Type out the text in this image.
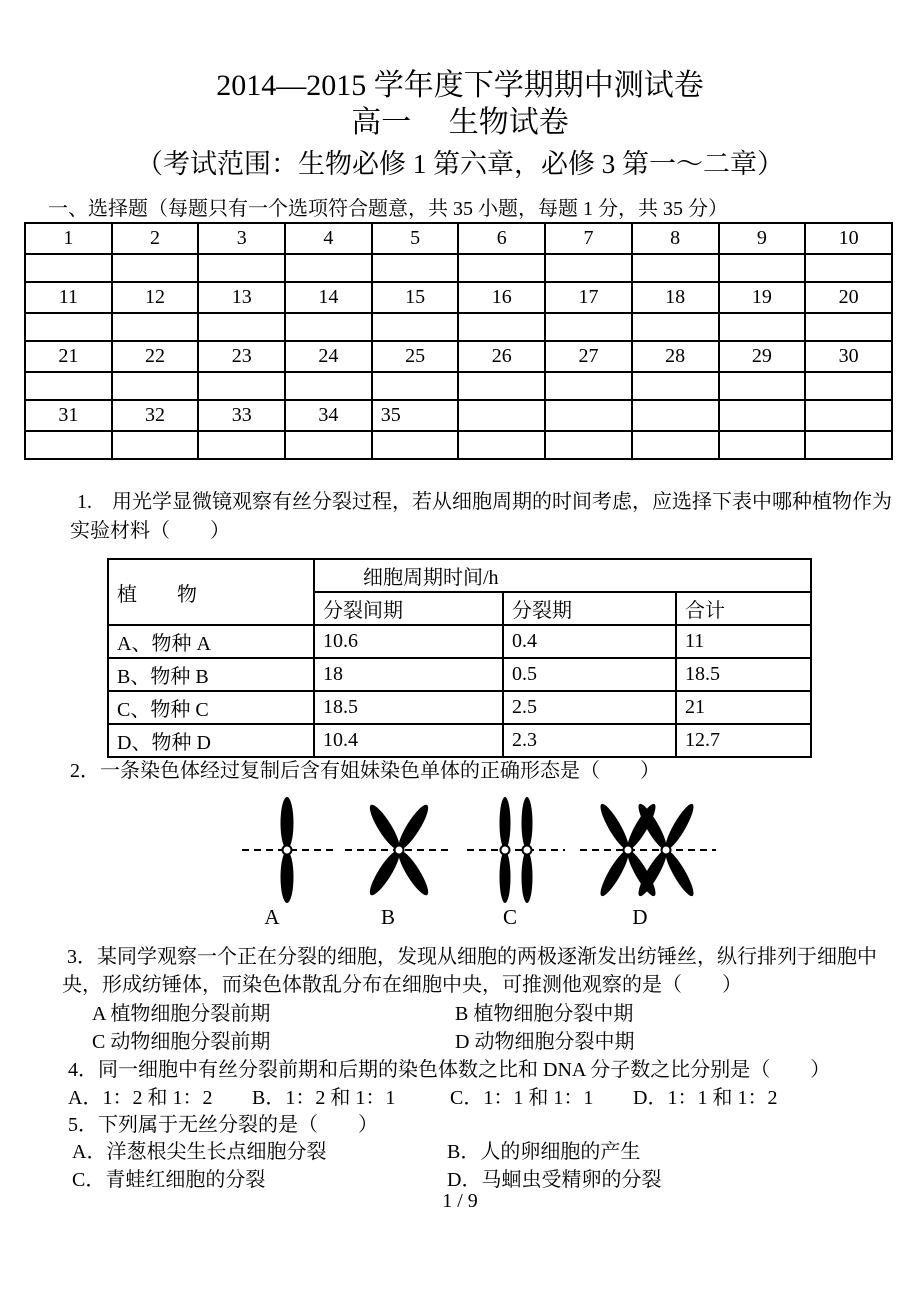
2014—2015 学年度下学期期中测试卷
高一　 生物试卷
（考试范围：生物必修 1 第六章，必修 3 第一～二章）
一、选择题（每题只有一个选项符合题意，共 35 小题，每题 1 分，共 35 分）
1	2	3	4	5	6	7	8	9	10

11	12	13	14	15	16	17	18	19	20

21	22	23	24	25	26	27	28	29	30

31	32	33	34	35					

1.　用光学显微镜观察有丝分裂过程，若从细胞周期的时间考虑，应选择下表中哪种植物作为
实验材料（　　）
植　　物	细胞周期时间/h		
	分裂间期	分裂期	合计
A、物种 A	10.6	0.4	11
B、物种 B	18	0.5	18.5
C、物种 C	18.5	2.5	21
D、物种 D	10.4	2.3	12.7
2．一条染色体经过复制后含有姐妹染色单体的正确形态是（　　）
A	B	C	D
3．某同学观察一个正在分裂的细胞，发现从细胞的两极逐渐发出纺锤丝，纵行排列于细胞中
央，形成纺锤体，而染色体散乱分布在细胞中央，可推测他观察的是（　　）
A 植物细胞分裂前期	B 植物细胞分裂中期
C 动物细胞分裂前期	D 动物细胞分裂中期
4．同一细胞中有丝分裂前期和后期的染色体数之比和 DNA 分子数之比分别是（　　）
A．1：2 和 1：2 B．1：2 和 1：1	C．1：1 和 1：1 D．1：1 和 1：2
5．下列属于无丝分裂的是（　　）
A．洋葱根尖生长点细胞分裂	B．人的卵细胞的产生
C．青蛙红细胞的分裂	D．马蛔虫受精卵的分裂
1 / 9
